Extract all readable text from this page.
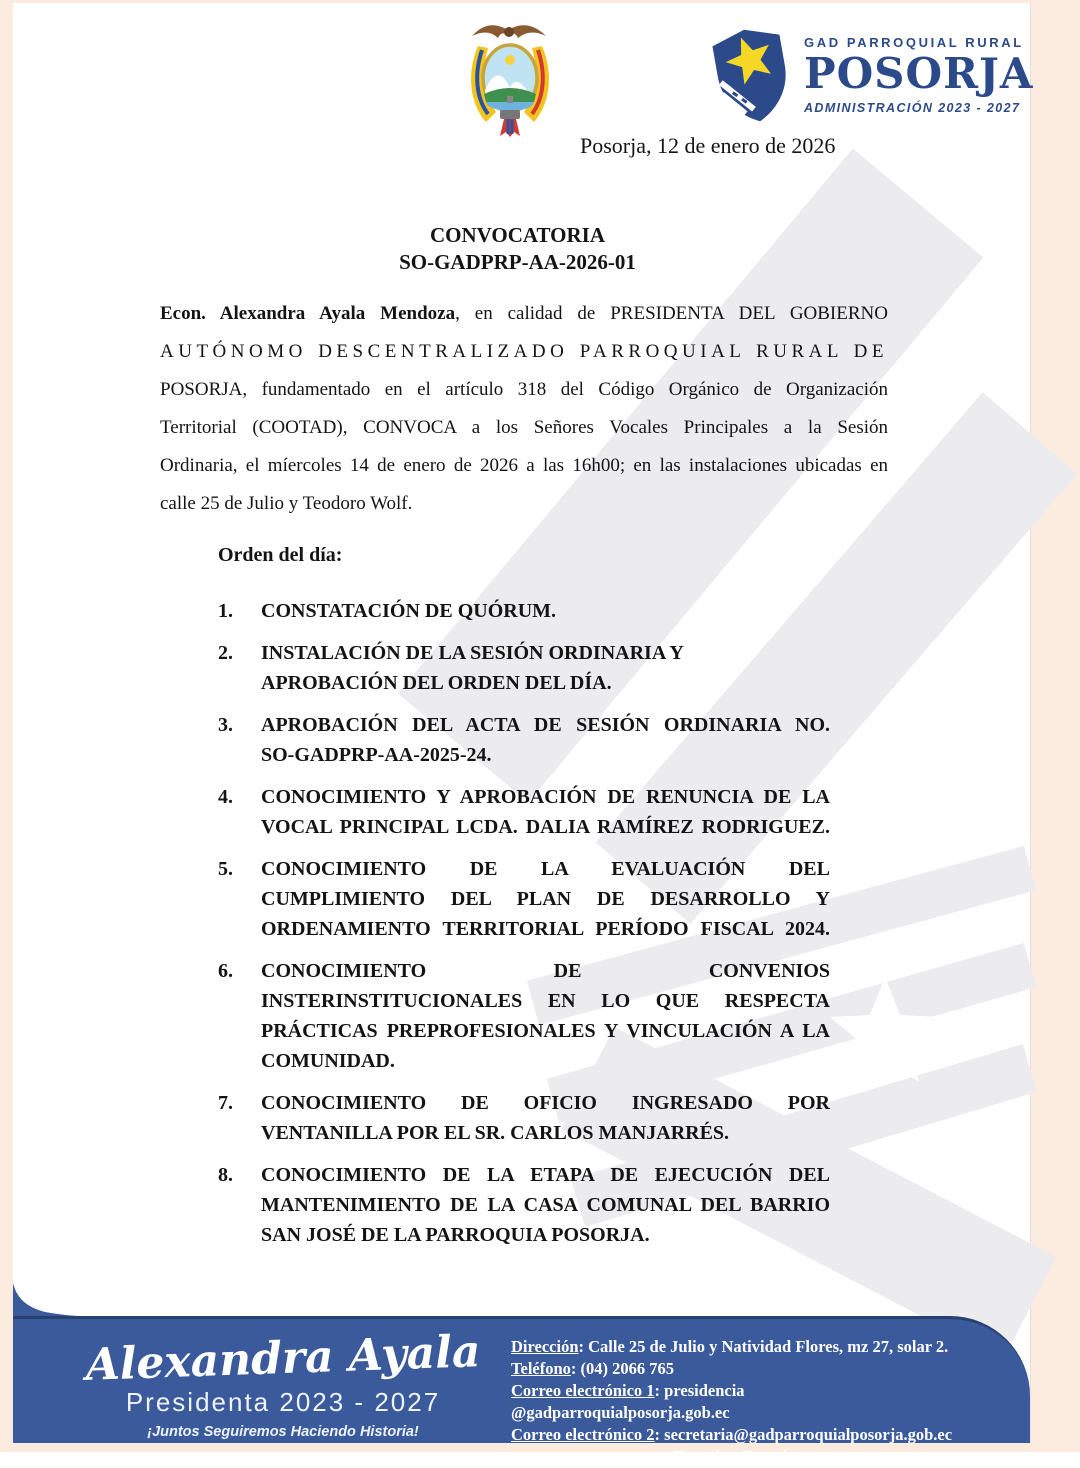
GAD PARROQUIAL RURAL
POSORJA
ADMINISTRACIÓN 2023 - 2027
Posorja, 12 de enero de 2026
CONVOCATORIA
SO-GADPRP-AA-2026-01
Econ. Alexandra Ayala Mendoza, en calidad de PRESIDENTA DEL GOBIERNO
AUTÓNOMO DESCENTRALIZADO PARROQUIAL RURAL DE
POSORJA, fundamentado en el artículo 318 del Código Orgánico de Organización
Territorial (COOTAD), CONVOCA a los Señores Vocales Principales a la Sesión
Ordinaria, el míercoles 14 de enero de 2026 a las 16h00; en las instalaciones ubicadas en
calle 25 de Julio y Teodoro Wolf.
Orden del día:
1. CONSTATACIÓN DE QUÓRUM.
2. INSTALACIÓN DE LA SESIÓN ORDINARIA Y
APROBACIÓN DEL ORDEN DEL DÍA.
3. APROBACIÓN DEL ACTA DE SESIÓN ORDINARIA NO.
SO-GADPRP-AA-2025-24.
4. CONOCIMIENTO Y APROBACIÓN DE RENUNCIA DE LA
VOCAL PRINCIPAL LCDA. DALIA RAMÍREZ RODRIGUEZ.
5. CONOCIMIENTO DE LA EVALUACIÓN DEL
CUMPLIMIENTO DEL PLAN DE DESARROLLO Y
ORDENAMIENTO TERRITORIAL PERÍODO FISCAL 2024.
6. CONOCIMIENTO DE CONVENIOS
INSTERINSTITUCIONALES EN LO QUE RESPECTA
PRÁCTICAS PREPROFESIONALES Y VINCULACIÓN A LA
COMUNIDAD.
7. CONOCIMIENTO DE OFICIO INGRESADO POR
VENTANILLA POR EL SR. CARLOS MANJARRÉS.
8. CONOCIMIENTO DE LA ETAPA DE EJECUCIÓN DEL
MANTENIMIENTO DE LA CASA COMUNAL DEL BARRIO
SAN JOSÉ DE LA PARROQUIA POSORJA.
Alexandra Ayala
Presidenta 2023 - 2027
¡Juntos Seguiremos Haciendo Historia!
Dirección: Calle 25 de Julio y Natividad Flores, mz 27, solar 2.
Teléfono: (04) 2066 765
Correo electrónico 1: presidencia @gadparroquialposorja.gob.ec
Correo electrónico 2: secretaria@gadparroquialposorja.gob.ec
Posorja - Ecuador
